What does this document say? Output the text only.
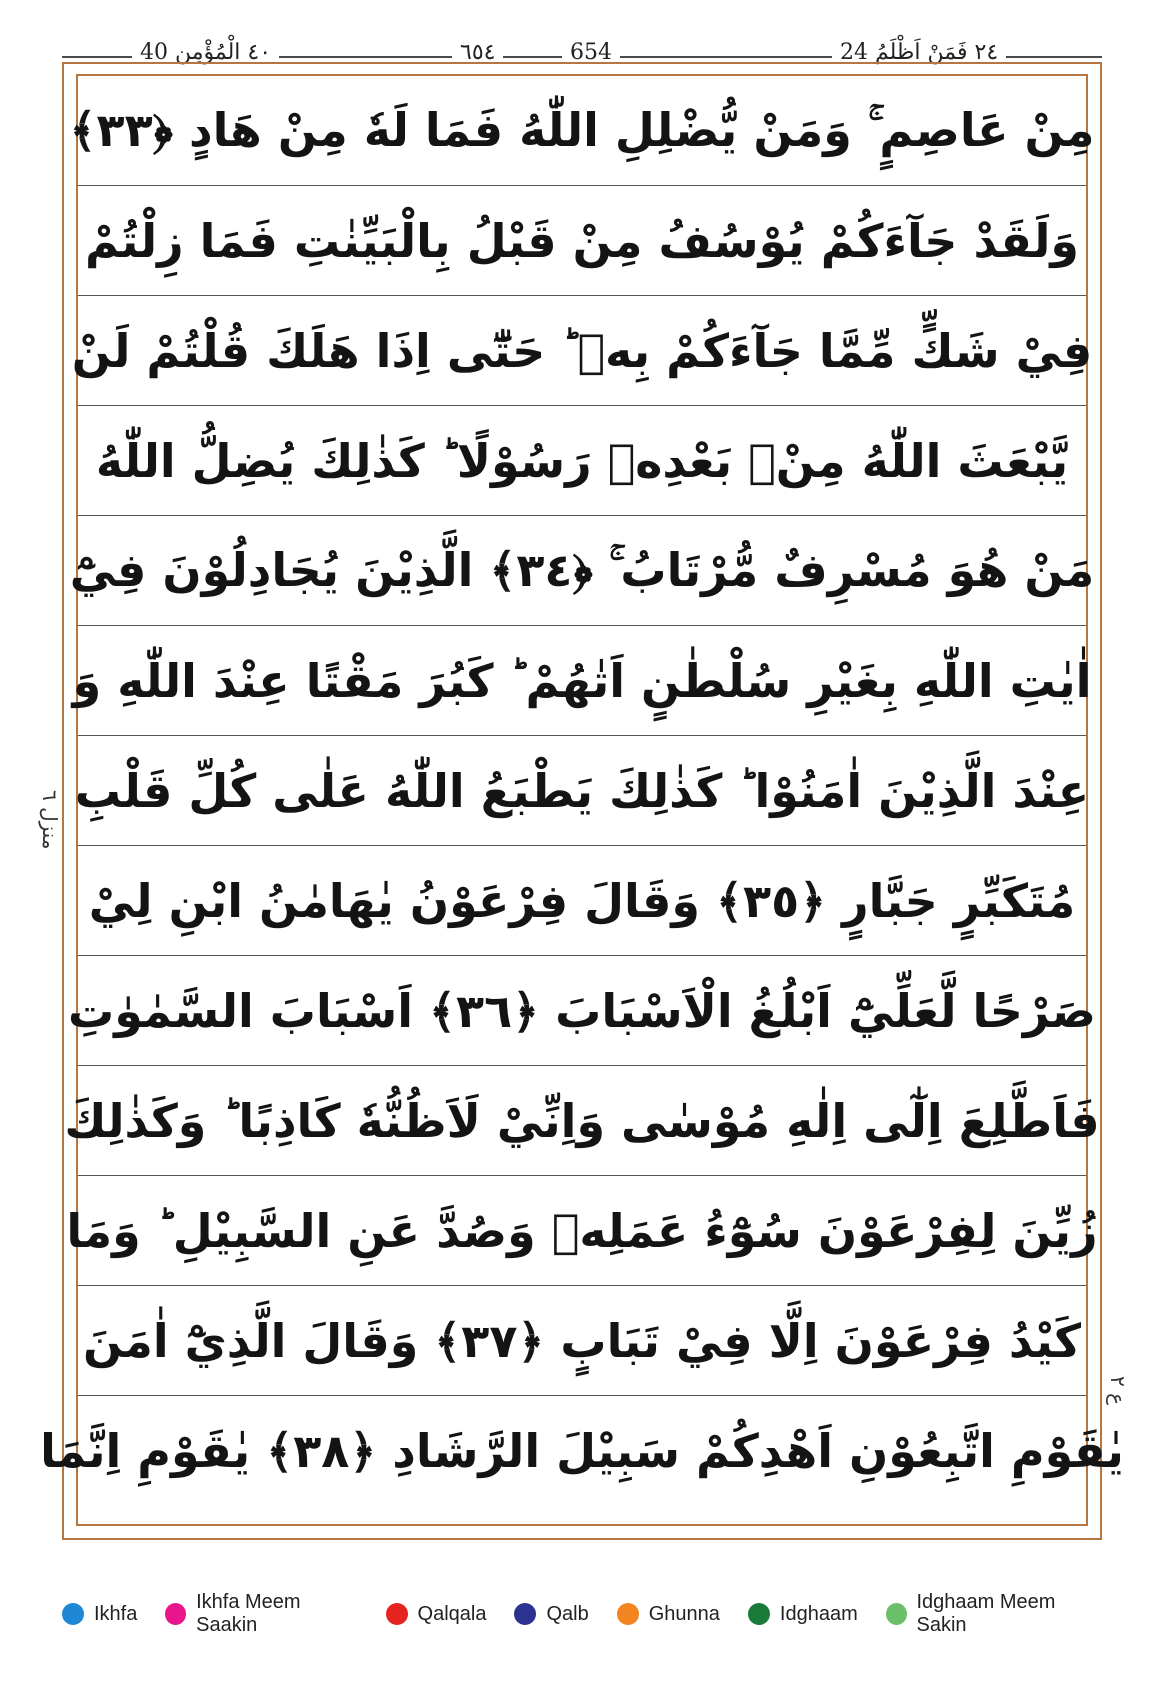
٤٠ الْمُؤْمِن 40	٦٥٤	654	٢٤ فَمَنْ اَظْلَمُ 24
منزل ٦
ع ٢
مِنْ عَاصِمٍ ۚ وَمَنْ يُّضْلِلِ اللّٰهُ فَمَا لَهٗ مِنْ هَادٍ ﴿٣٣﴾
وَلَقَدْ جَآءَكُمْ يُوْسُفُ مِنْ قَبْلُ بِالْبَيِّنٰتِ فَمَا زِلْتُمْ
فِيْ شَكٍّ مِّمَّا جَآءَكُمْ بِهٖ ؕ حَتّٰٓى اِذَا هَلَكَ قُلْتُمْ لَنْ
يَّبْعَثَ اللّٰهُ مِنْۢ بَعْدِهٖ رَسُوْلًا ؕ كَذٰلِكَ يُضِلُّ اللّٰهُ
مَنْ هُوَ مُسْرِفٌ مُّرْتَابُ ۚ ﴿٣٤﴾ الَّذِيْنَ يُجَادِلُوْنَ فِيْٓ
اٰيٰتِ اللّٰهِ بِغَيْرِ سُلْطٰنٍ اَتٰهُمْ ؕ كَبُرَ مَقْتًا عِنْدَ اللّٰهِ وَ
عِنْدَ الَّذِيْنَ اٰمَنُوْا ؕ كَذٰلِكَ يَطْبَعُ اللّٰهُ عَلٰى كُلِّ قَلْبِ
مُتَكَبِّرٍ جَبَّارٍ ﴿٣٥﴾ وَقَالَ فِرْعَوْنُ يٰهَامٰنُ ابْنِ لِيْ
صَرْحًا لَّعَلِّيْٓ اَبْلُغُ الْاَسْبَابَ ﴿٣٦﴾ اَسْبَابَ السَّمٰوٰتِ
فَاَطَّلِعَ اِلٰٓى اِلٰهِ مُوْسٰى وَاِنِّيْ لَاَظُنُّهٗ كَاذِبًا ؕ وَكَذٰلِكَ
زُيِّنَ لِفِرْعَوْنَ سُوْٓءُ عَمَلِهٖ وَصُدَّ عَنِ السَّبِيْلِ ؕ وَمَا
كَيْدُ فِرْعَوْنَ اِلَّا فِيْ تَبَابٍ ﴿٣٧﴾ وَقَالَ الَّذِيْٓ اٰمَنَ
يٰقَوْمِ اتَّبِعُوْنِ اَهْدِكُمْ سَبِيْلَ الرَّشَادِ ﴿٣٨﴾ يٰقَوْمِ اِنَّمَا
Ikhfa
Ikhfa Meem Saakin
Qalqala	Qalb	Ghunna	Idghaam
Idghaam Meem Sakin
